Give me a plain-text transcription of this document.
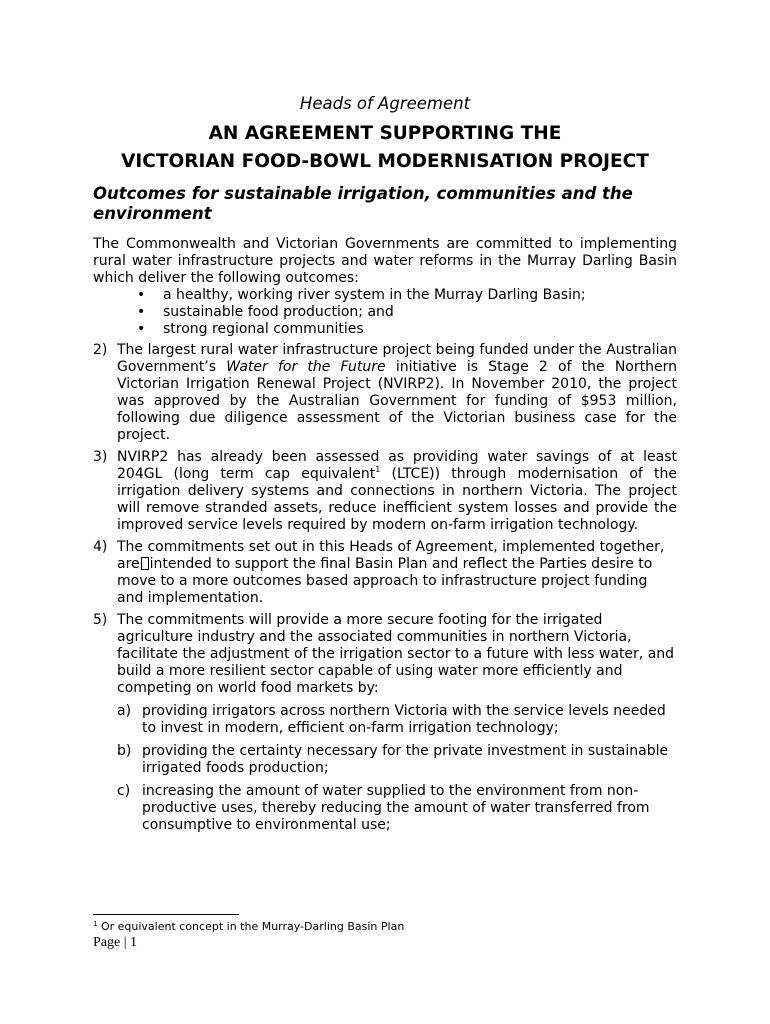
Heads of Agreement
AN AGREEMENT SUPPORTING THE
VICTORIAN FOOD-BOWL MODERNISATION PROJECT
Outcomes for sustainable irrigation, communities and the environment

The Commonwealth and Victorian Governments are committed to implementing rural water infrastructure projects and water reforms in the Murray Darling Basin which deliver the following outcomes:

• a healthy, working river system in the Murray Darling Basin;
• sustainable food production; and
• strong regional communities
2) The largest rural water infrastructure project being funded under the Australian Government’s Water for the Future initiative is Stage 2 of the Northern Victorian Irrigation Renewal Project (NVIRP2). In November 2010, the project was approved by the Australian Government for funding of $953 million, following due diligence assessment of the Victorian business case for the project.
3) NVIRP2 has already been assessed as providing water savings of at least 204GL (long term cap equivalent$^1$ (LTCE)) through modernisation of the irrigation delivery systems and connections in northern Victoria. The project will remove stranded assets, reduce inefficient system losses and provide the improved service levels required by modern on-farm irrigation technology.
4) The commitments set out in this Heads of Agreement, implemented together, are intended to support the final Basin Plan and reflect the Parties desire to move to a more outcomes based approach to infrastructure project funding and implementation.
5) The commitments will provide a more secure footing for the irrigated agriculture industry and the associated communities in northern Victoria, facilitate the adjustment of the irrigation sector to a future with less water, and build a more resilient sector capable of using water more efficiently and competing on world food markets by:
a) providing irrigators across northern Victoria with the service levels needed to invest in modern, efficient on-farm irrigation technology;
b) providing the certainty necessary for the private investment in sustainable irrigated foods production;
c) increasing the amount of water supplied to the environment from non-productive uses, thereby reducing the amount of water transferred from consumptive to environmental use;
$^1$ Or equivalent concept in the Murray-Darling Basin Plan
Page | 1
